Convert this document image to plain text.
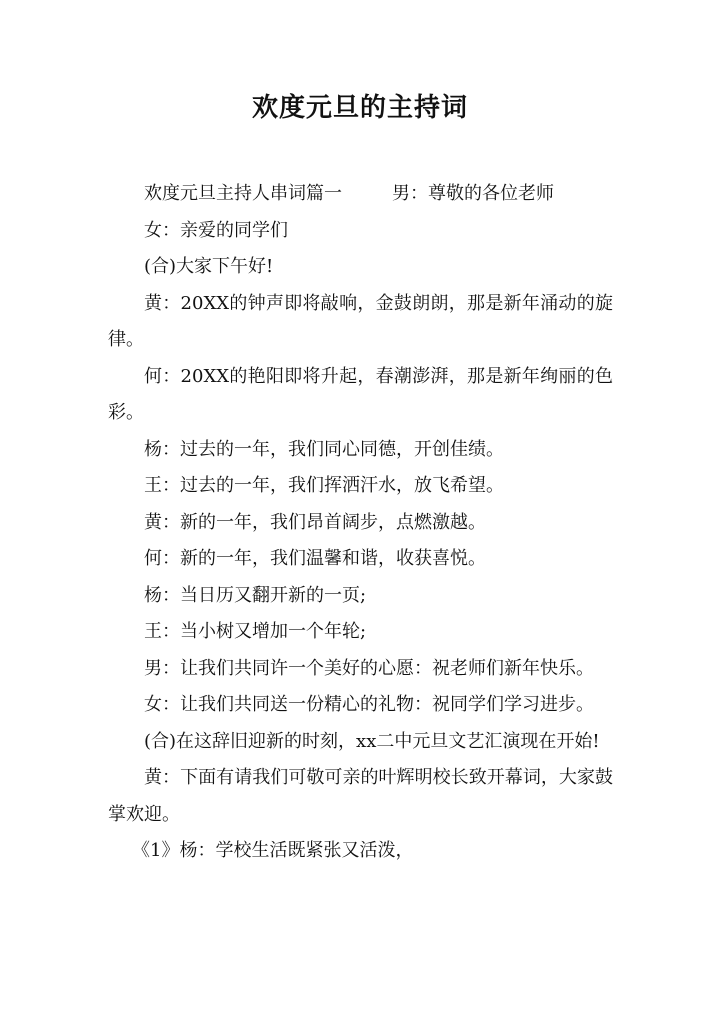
欢度元旦的主持词

欢度元旦主持人串词篇一	男：尊敬的各位老师

女：亲爱的同学们

(合)大家下午好!

黄：20XX的钟声即将敲响，金鼓朗朗，那是新年涌动的旋律。

何：20XX的艳阳即将升起，春潮澎湃，那是新年绚丽的色彩。

杨：过去的一年，我们同心同德，开创佳绩。

王：过去的一年，我们挥洒汗水，放飞希望。

黄：新的一年，我们昂首阔步，点燃激越。

何：新的一年，我们温馨和谐，收获喜悦。

杨：当日历又翻开新的一页;

王：当小树又增加一个年轮;

男：让我们共同许一个美好的心愿：祝老师们新年快乐。

女：让我们共同送一份精心的礼物：祝同学们学习进步。

(合)在这辞旧迎新的时刻，xx二中元旦文艺汇演现在开始!

黄：下面有请我们可敬可亲的叶辉明校长致开幕词，大家鼓掌欢迎。

《1》杨：学校生活既紧张又活泼，
